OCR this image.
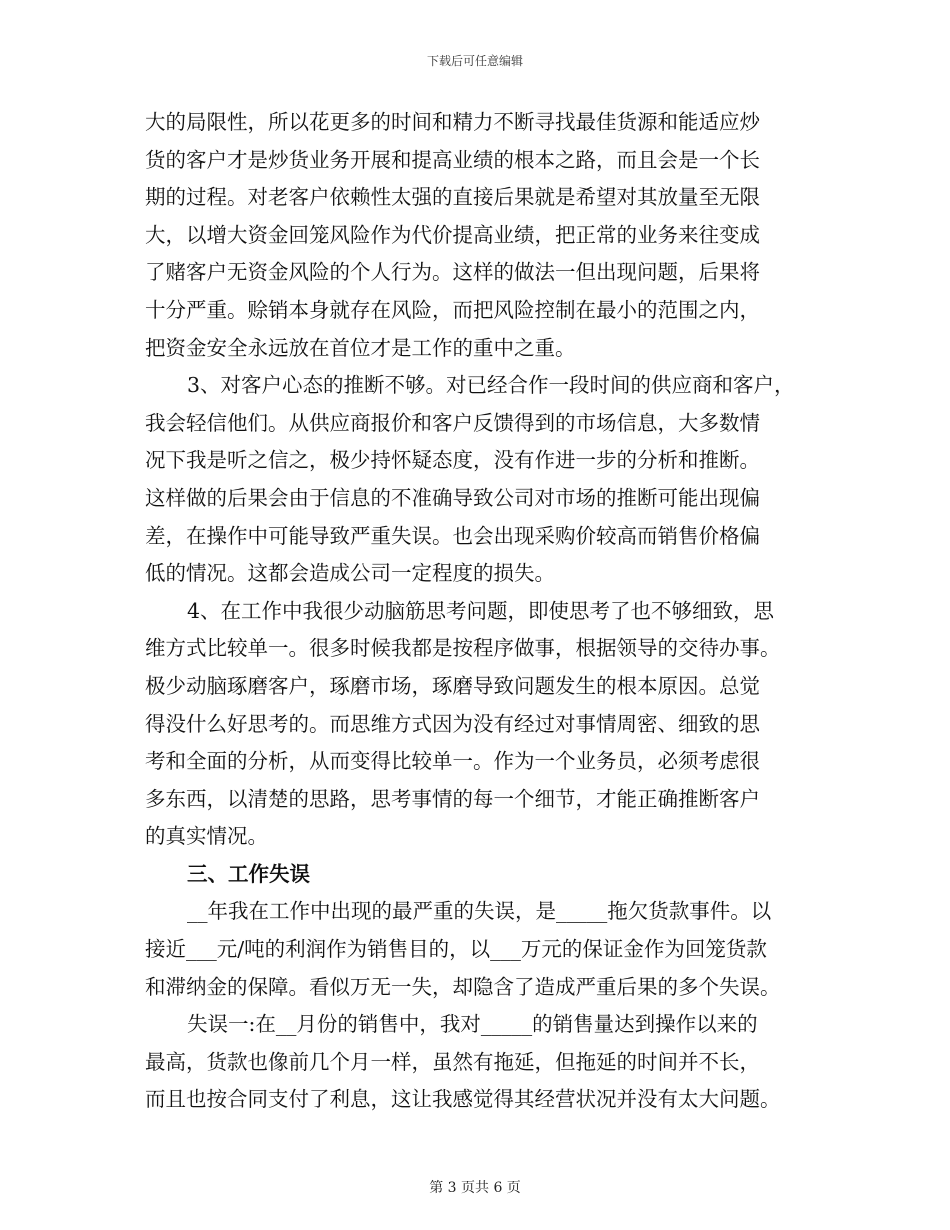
下载后可任意编辑
大的局限性，所以花更多的时间和精力不断寻找最佳货源和能适应炒
货的客户才是炒货业务开展和提高业绩的根本之路，而且会是一个长
期的过程。对老客户依赖性太强的直接后果就是希望对其放量至无限
大，以增大资金回笼风险作为代价提高业绩，把正常的业务来往变成
了赌客户无资金风险的个人行为。这样的做法一但出现问题，后果将
十分严重。赊销本身就存在风险，而把风险控制在最小的范围之内，
把资金安全永远放在首位才是工作的重中之重。
3、对客户心态的推断不够。对已经合作一段时间的供应商和客户，
我会轻信他们。从供应商报价和客户反馈得到的市场信息，大多数情
况下我是听之信之，极少持怀疑态度，没有作进一步的分析和推断。
这样做的后果会由于信息的不准确导致公司对市场的推断可能出现偏
差，在操作中可能导致严重失误。也会出现采购价较高而销售价格偏
低的情况。这都会造成公司一定程度的损失。
4、在工作中我很少动脑筋思考问题，即使思考了也不够细致，思
维方式比较单一。很多时候我都是按程序做事，根据领导的交待办事。
极少动脑琢磨客户，琢磨市场，琢磨导致问题发生的根本原因。总觉
得没什么好思考的。而思维方式因为没有经过对事情周密、细致的思
考和全面的分析，从而变得比较单一。作为一个业务员，必须考虑很
多东西，以清楚的思路，思考事情的每一个细节，才能正确推断客户
的真实情况。
三、工作失误
__年我在工作中出现的最严重的失误，是_____拖欠货款事件。以
接近___元/吨的利润作为销售目的，以___万元的保证金作为回笼货款
和滞纳金的保障。看似万无一失，却隐含了造成严重后果的多个失误。
失误一:在__月份的销售中，我对_____的销售量达到操作以来的
最高，货款也像前几个月一样，虽然有拖延，但拖延的时间并不长，
而且也按合同支付了利息，这让我感觉得其经营状况并没有太大问题。
第 3 页共 6 页
